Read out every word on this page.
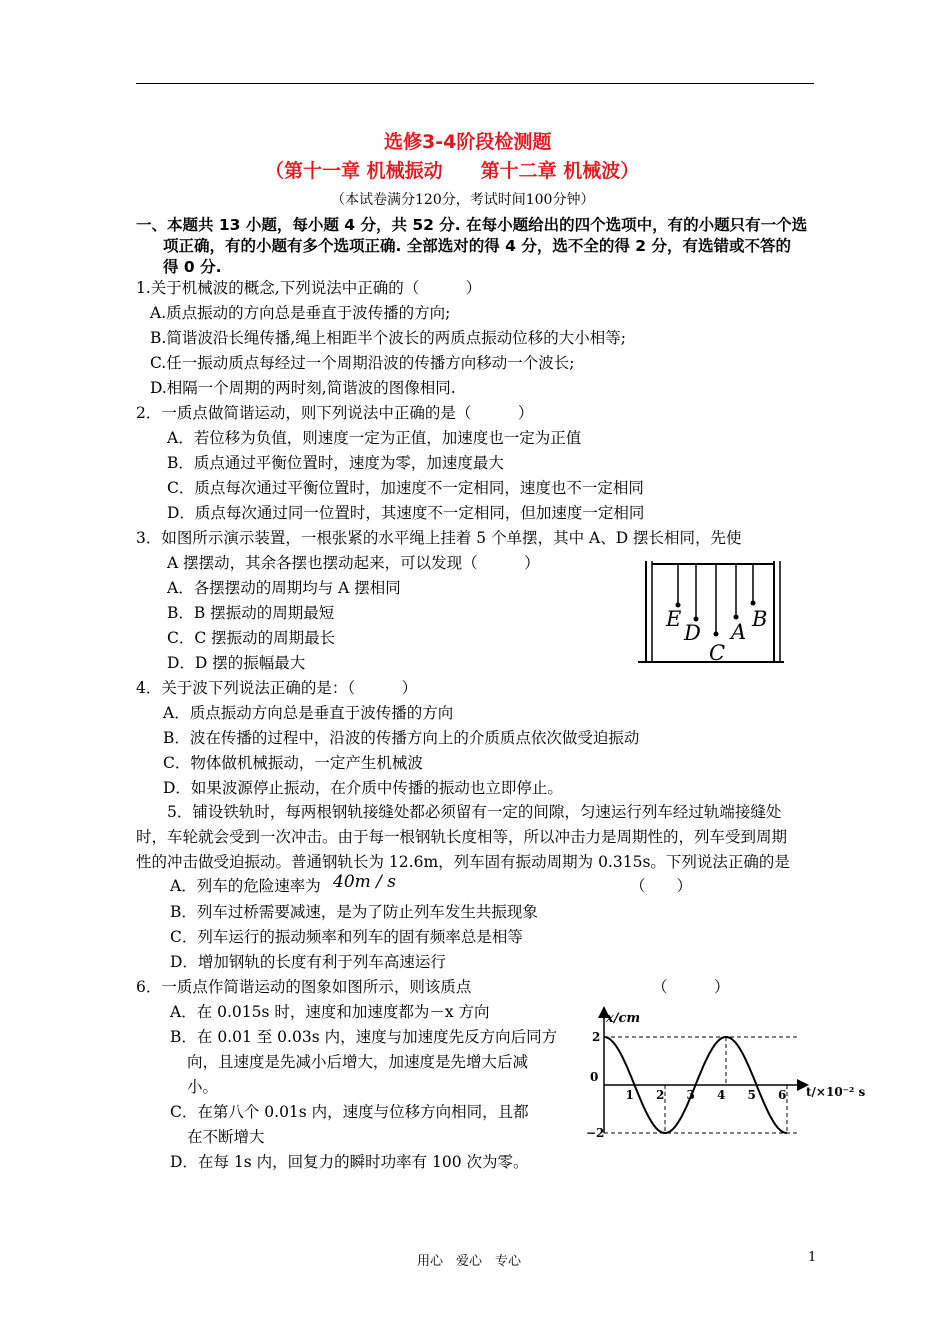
选修3-4阶段检测题
（第十一章 机械振动　　第十二章 机械波）
（本试卷满分120分，考试时间100分钟）
一、本题共 13 小题，每小题 4 分，共 52 分. 在每小题给出的四个选项中，有的小题只有一个选
项正确，有的小题有多个选项正确. 全部选对的得 4 分，选不全的得 2 分，有选错或不答的
得 0 分.
1.关于机械波的概念,下列说法中正确的（　　　）
A.质点振动的方向总是垂直于波传播的方向;
B.简谐波沿长绳传播,绳上相距半个波长的两质点振动位移的大小相等;
C.任一振动质点每经过一个周期沿波的传播方向移动一个波长;
D.相隔一个周期的两时刻,简谐波的图像相同.
2．一质点做简谐运动，则下列说法中正确的是（　　　）
A．若位移为负值，则速度一定为正值，加速度也一定为正值
B．质点通过平衡位置时，速度为零，加速度最大
C．质点每次通过平衡位置时，加速度不一定相同，速度也不一定相同
D．质点每次通过同一位置时，其速度不一定相同，但加速度一定相同
3．如图所示演示装置，一根张紧的水平绳上挂着 5 个单摆，其中 A、D 摆长相同，先使
A 摆摆动，其余各摆也摆动起来，可以发现（　　　）
A．各摆摆动的周期均与 A 摆相同
B．B 摆振动的周期最短
C．C 摆振动的周期最长
D．D 摆的振幅最大
E
D
C
A
B
4．关于波下列说法正确的是：（　　　）
A．质点振动方向总是垂直于波传播的方向
B．波在传播的过程中，沿波的传播方向上的介质质点依次做受迫振动
C．物体做机械振动，一定产生机械波
D．如果波源停止振动，在介质中传播的振动也立即停止。
5．铺设铁轨时，每两根钢轨接缝处都必须留有一定的间隙，匀速运行列车经过轨端接缝处
时，车轮就会受到一次冲击。由于每一根钢轨长度相等，所以冲击力是周期性的，列车受到周期
性的冲击做受迫振动。普通钢轨长为 12.6m，列车固有振动周期为 0.315s。下列说法正确的是
A．列车的危险速率为 40m / s	（　　）
B．列车过桥需要减速，是为了防止列车发生共振现象
C．列车运行的振动频率和列车的固有频率总是相等
D．增加钢轨的长度有利于列车高速运行
6．一质点作简谐运动的图象如图所示，则该质点	（　　　）
A．在 0.015s 时，速度和加速度都为－x 方向
B．在 0.01 至 0.03s 内，速度与加速度先反方向后同方
向，且速度是先减小后增大，加速度是先增大后减
小。
C．在第八个 0.01s 内，速度与位移方向相同，且都
在不断增大
D．在每 1s 内，回复力的瞬时功率有 100 次为零。
x/cm
t/×10⁻² s
2
0
−2
1 2 3 4 5 6
用心　爱心　专心	1
